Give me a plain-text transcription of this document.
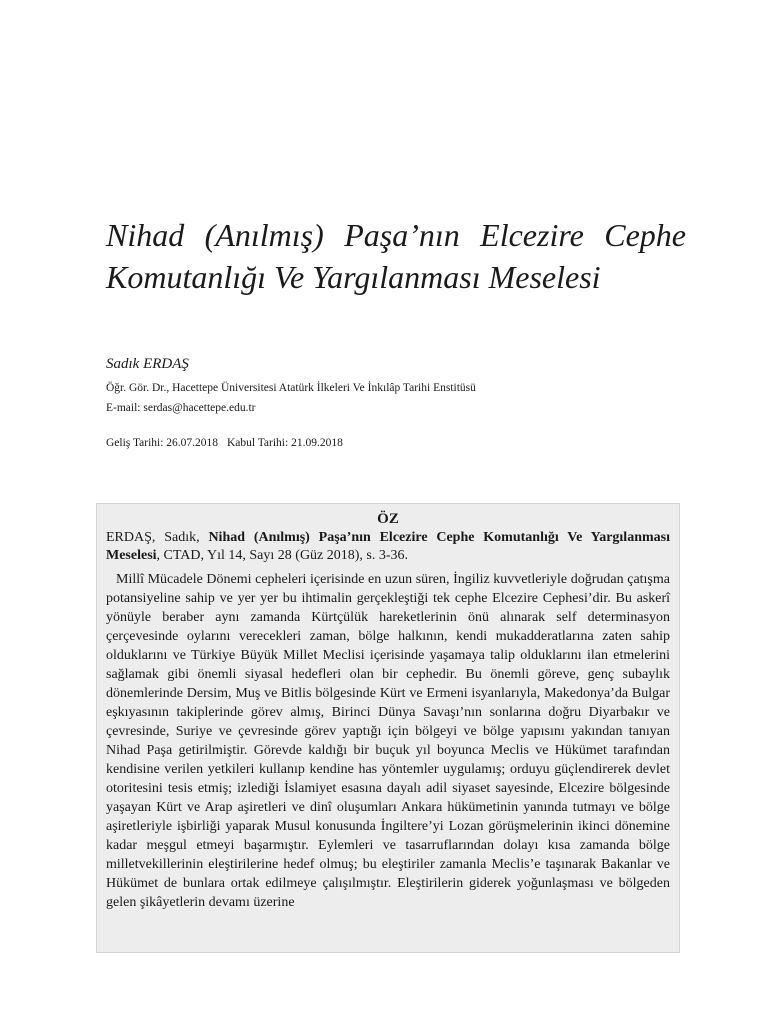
Nihad (Anılmış) Paşa’nın Elcezire Cephe Komutanlığı Ve Yargılanması Meselesi
Sadık ERDAŞ
Öğr. Gör. Dr., Hacettepe Üniversitesi Atatürk İlkeleri Ve İnkılâp Tarihi Enstitüsü
E-mail: serdas@hacettepe.edu.tr
Geliş Tarihi: 26.07.2018 Kabul Tarihi: 21.09.2018

ÖZ

ERDAŞ, Sadık, Nihad (Anılmış) Paşa’nın Elcezire Cephe Komutanlığı Ve Yargılanması Meselesi, CTAD, Yıl 14, Sayı 28 (Güz 2018), s. 3-36.

Millî Mücadele Dönemi cepheleri içerisinde en uzun süren, İngiliz kuvvetleriyle doğrudan çatışma potansiyeline sahip ve yer yer bu ihtimalin gerçekleştiği tek cephe Elcezire Cephesi’dir. Bu askerî yönüyle beraber aynı zamanda Kürtçülük hareketlerinin önü alınarak self determinasyon çerçevesinde oylarını verecekleri zaman, bölge halkının, kendi mukadderatlarına zaten sahip olduklarını ve Türkiye Büyük Millet Meclisi içerisinde yaşamaya talip olduklarını ilan etmelerini sağlamak gibi önemli siyasal hedefleri olan bir cephedir. Bu önemli göreve, genç subaylık dönemlerinde Dersim, Muş ve Bitlis bölgesinde Kürt ve Ermeni isyanlarıyla, Makedonya’da Bulgar eşkıyasının takiplerinde görev almış, Birinci Dünya Savaşı’nın sonlarına doğru Diyarbakır ve çevresinde, Suriye ve çevresinde görev yaptığı için bölgeyi ve bölge yapısını yakından tanıyan Nihad Paşa getirilmiştir. Görevde kaldığı bir buçuk yıl boyunca Meclis ve Hükümet tarafından kendisine verilen yetkileri kullanıp kendine has yöntemler uygulamış; orduyu güçlendirerek devlet otoritesini tesis etmiş; izlediği İslamiyet esasına dayalı adil siyaset sayesinde, Elcezire bölgesinde yaşayan Kürt ve Arap aşiretleri ve dinî oluşumları Ankara hükümetinin yanında tutmayı ve bölge aşiretleriyle işbirliği yaparak Musul konusunda İngiltere’yi Lozan görüşmelerinin ikinci dönemine kadar meşgul etmeyi başarmıştır. Eylemleri ve tasarruflarından dolayı kısa zamanda bölge milletvekillerinin eleştirilerine hedef olmuş; bu eleştiriler zamanla Meclis’e taşınarak Bakanlar ve Hükümet de bunlara ortak edilmeye çalışılmıştır. Eleştirilerin giderek yoğunlaşması ve bölgeden gelen şikâyetlerin devamı üzerine
